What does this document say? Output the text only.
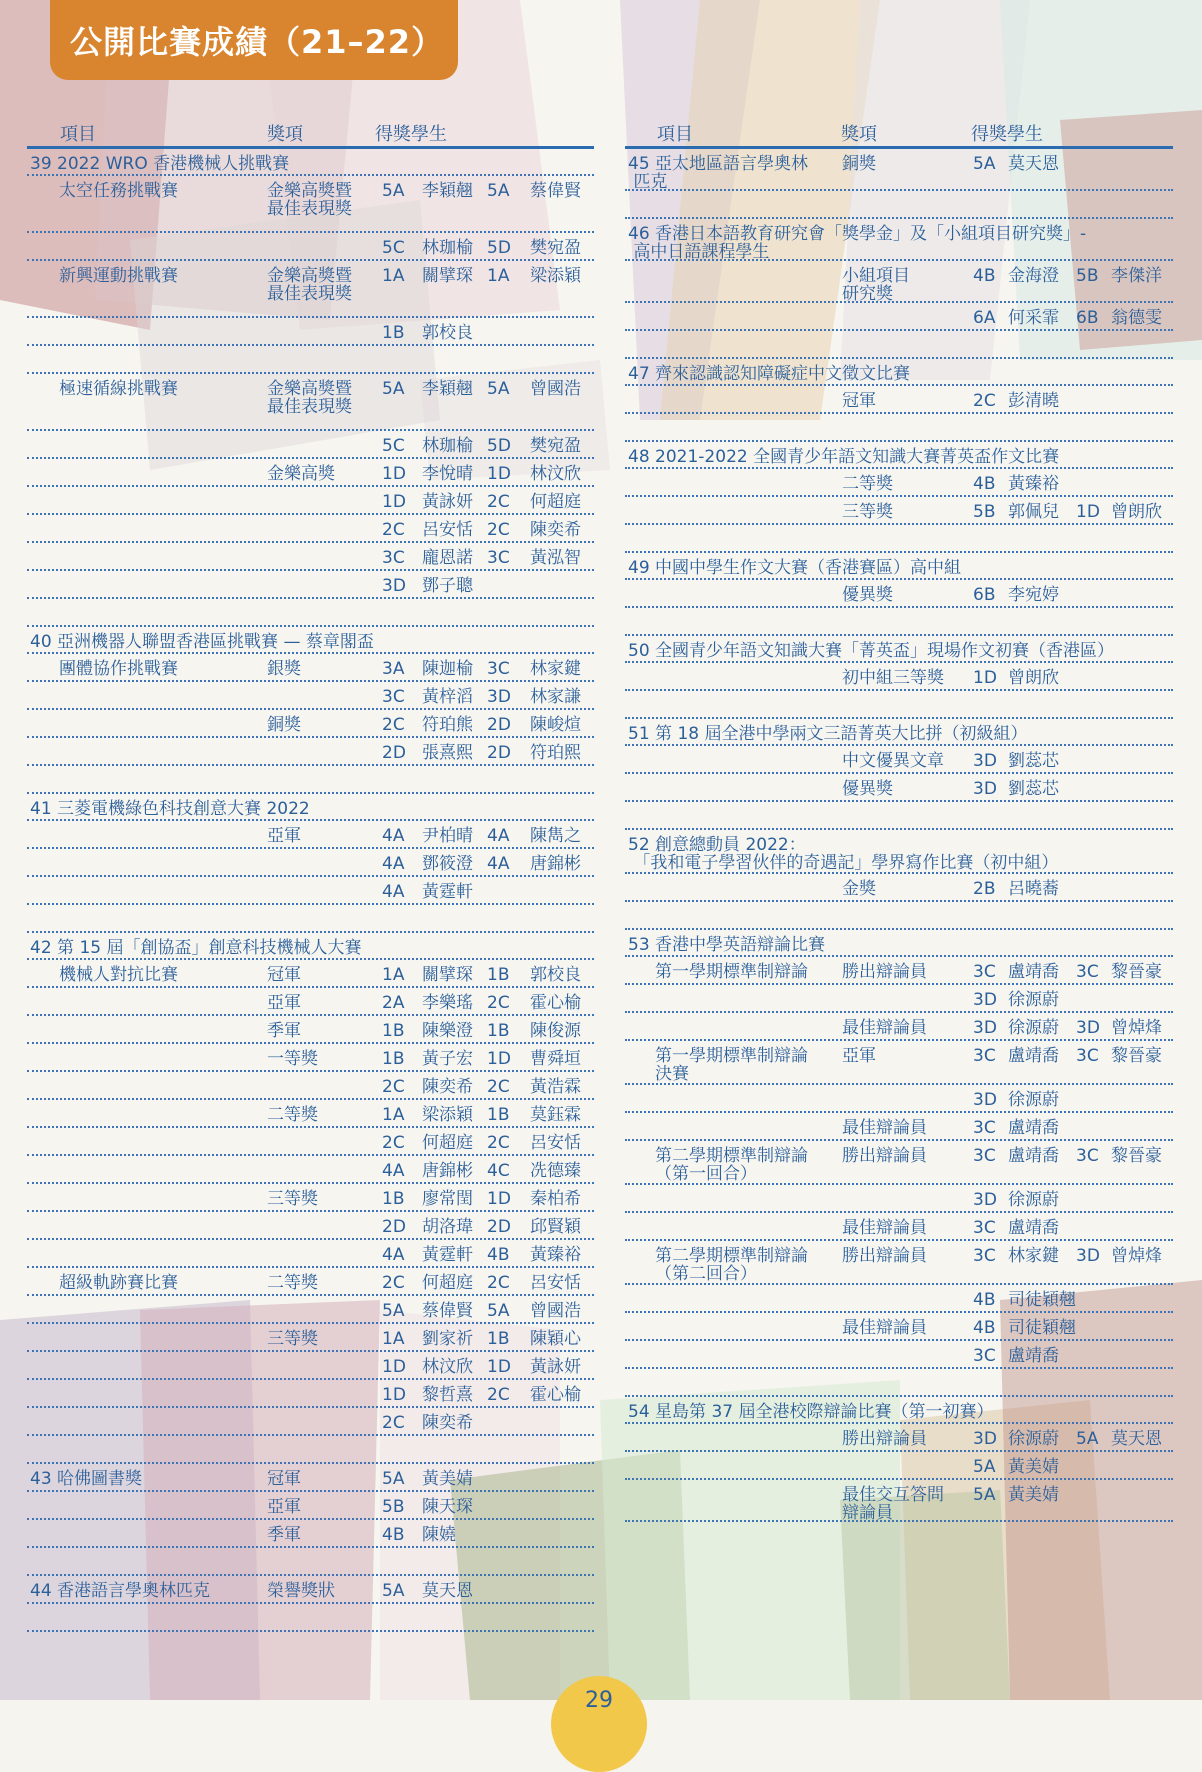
公開比賽成績（21–22）
項目	獎項	得獎學生
39 2022 WRO 香港機械人挑戰賽
太空任務挑戰賽	金樂高獎暨
最佳表現獎
5A 李穎翹 5A 蔡偉賢
5C 林珈榆 5D 樊宛盈
新興運動挑戰賽	金樂高獎暨
最佳表現獎
1A 關擘琛 1A 梁添穎
1B 郭校良
極速循線挑戰賽	金樂高獎暨
最佳表現獎
5A 李穎翹 5A 曾國浩
5C 林珈榆 5D 樊宛盈
金樂高獎	1D 李悅晴 1D 林汶欣
1D 黃詠妍 2C 何超庭
2C 呂安恬 2C 陳奕希
3C 龐恩諾 3C 黃泓智
3D 鄧子聰
40 亞洲機器人聯盟香港區挑戰賽 — 蔡章閣盃
團體協作挑戰賽	銀獎	3A 陳迦榆 3C 林家鍵
3C 黃梓滔 3D 林家謙
銅獎	2C 符珀熊 2D 陳峻煊
2D 張熹熙 2D 符珀熙
41 三菱電機綠色科技創意大賽 2022
亞軍	4A 尹柏晴 4A 陳雋之
4A 鄧筱澄 4A 唐錦彬
4A 黃霆軒
42 第 15 屆「創協盃」創意科技機械人大賽
機械人對抗比賽	冠軍	1A 關擘琛 1B 郭校良
亞軍	2A 李樂瑤 2C 霍心榆
季軍	1B 陳樂澄 1B 陳俊源
一等獎	1B 黃子宏 1D 曹舜垣
2C 陳奕希 2C 黃浩霖
二等獎	1A 梁添穎 1B 莫鈺霖
2C 何超庭 2C 呂安恬
4A 唐錦彬 4C 冼德臻
三等獎	1B 廖常閏 1D 秦柏希
2D 胡洛瑋 2D 邱賢穎
4A 黃霆軒 4B 黃臻裕
超級軌跡賽比賽	二等獎	2C 何超庭 2C 呂安恬
5A 蔡偉賢 5A 曾國浩
三等獎	1A 劉家祈 1B 陳穎心
1D 林汶欣 1D 黃詠妍
1D 黎哲熹 2C 霍心榆
2C 陳奕希
43 哈佛圖書獎	冠軍	5A 黃美婧
亞軍	5B 陳天琛
季軍	4B 陳嬈
44 香港語言學奧林匹克	榮譽獎狀	5A 莫天恩
項目	獎項	得獎學生
45 亞太地區語言學奧林
匹克
銅獎	5A 莫天恩
46 香港日本語教育研究會「獎學金」及「小組項目研究獎」-
高中日語課程學生
小組項目
研究獎
4B 金海澄 5B 李傑洋
6A 何采霏 6B 翁德雯
47 齊來認識認知障礙症中文徵文比賽
冠軍	2C 彭清曉
48 2021-2022 全國青少年語文知識大賽菁英盃作文比賽
二等獎	4B 黃臻裕
三等獎	5B 郭佩兒 1D 曾朗欣
49 中國中學生作文大賽（香港賽區）高中組
優異獎	6B 李宛婷
50 全國青少年語文知識大賽「菁英盃」現場作文初賽（香港區）
初中組三等獎 1D 曾朗欣
51 第 18 屆全港中學兩文三語菁英大比拼（初級組）
中文優異文章 3D 劉蕊芯
優異獎	3D 劉蕊芯
52 創意總動員 2022：
「我和電子學習伙伴的奇遇記」學界寫作比賽（初中組）
金獎	2B 呂曉蕎
53 香港中學英語辯論比賽
第一學期標準制辯論 勝出辯論員	3C 盧靖喬 3C 黎晉豪
3D 徐源蔚
最佳辯論員	3D 徐源蔚 3D 曾焯烽
第一學期標準制辯論
決賽
亞軍	3C 盧靖喬 3C 黎晉豪
3D 徐源蔚
最佳辯論員	3C 盧靖喬
第二學期標準制辯論
（第一回合）
勝出辯論員	3C 盧靖喬 3C 黎晉豪
3D 徐源蔚
最佳辯論員	3C 盧靖喬
第二學期標準制辯論
（第二回合）
勝出辯論員	3C 林家鍵 3D 曾焯烽
4B 司徒穎翹
最佳辯論員	4B 司徒穎翹
3C 盧靖喬
54 星島第 37 屆全港校際辯論比賽（第一初賽）
勝出辯論員	3D 徐源蔚 5A 莫天恩
5A 黃美婧
最佳交互答問
辯論員
5A 黃美婧
29
